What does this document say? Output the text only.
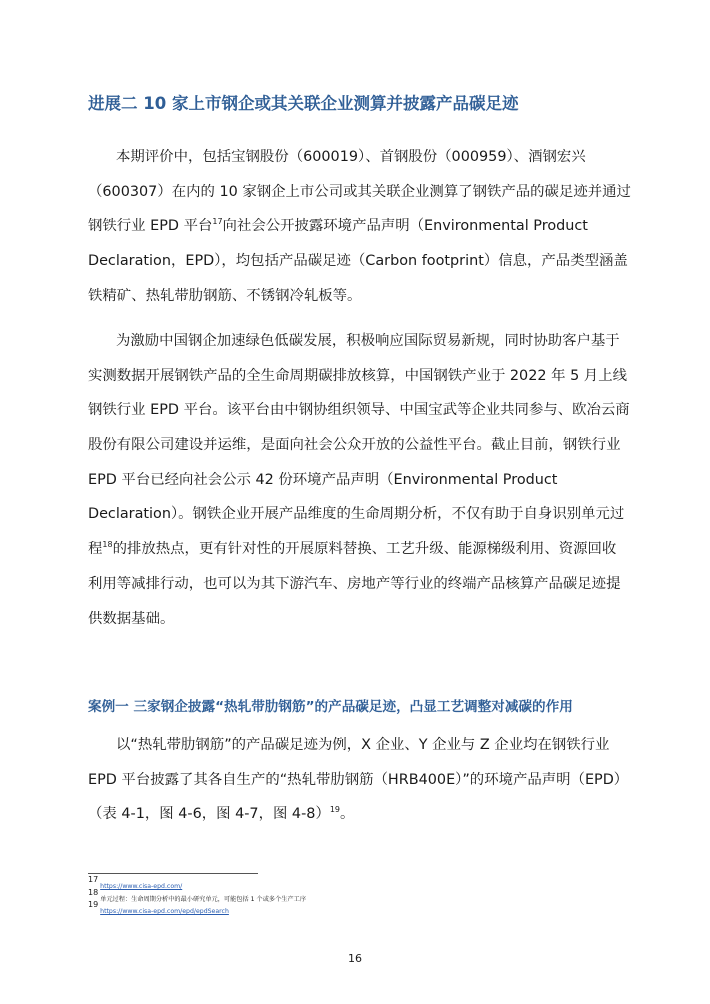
进展二 10 家上市钢企或其关联企业测算并披露产品碳足迹
本期评价中，包括宝钢股份（600019）、首钢股份（000959）、酒钢宏兴
（600307）在内的 10 家钢企上市公司或其关联企业测算了钢铁产品的碳足迹并通过
钢铁行业 EPD 平台$^{17}$向社会公开披露环境产品声明（Environmental Product
Declaration，EPD），均包括产品碳足迹（Carbon footprint）信息，产品类型涵盖
铁精矿、热轧带肋钢筋、不锈钢冷轧板等。
为激励中国钢企加速绿色低碳发展，积极响应国际贸易新规，同时协助客户基于
实测数据开展钢铁产品的全生命周期碳排放核算，中国钢铁产业于 2022 年 5 月上线
钢铁行业 EPD 平台。该平台由中钢协组织领导、中国宝武等企业共同参与、欧冶云商
股份有限公司建设并运维，是面向社会公众开放的公益性平台。截止目前，钢铁行业
EPD 平台已经向社会公示 42 份环境产品声明（Environmental Product
Declaration）。钢铁企业开展产品维度的生命周期分析，不仅有助于自身识别单元过
程$^{18}$的排放热点，更有针对性的开展原料替换、工艺升级、能源梯级利用、资源回收
利用等减排行动，也可以为其下游汽车、房地产等行业的终端产品核算产品碳足迹提
供数据基础。
案例一 三家钢企披露“热轧带肋钢筋”的产品碳足迹，凸显工艺调整对减碳的作用
以“热轧带肋钢筋”的产品碳足迹为例，X 企业、Y 企业与 Z 企业均在钢铁行业
EPD 平台披露了其各自生产的“热轧带肋钢筋（HRB400E）”的环境产品声明（EPD）
（表 4-1，图 4-6，图 4-7，图 4-8）$^{19}$。
$^{17}$ https://www.cisa-epd.com/
$^{18}$ 单元过程：生命周期分析中的最小研究单元，可能包括 1 个或多个生产工序
$^{19}$ https://www.cisa-epd.com/epd/epdSearch
16
